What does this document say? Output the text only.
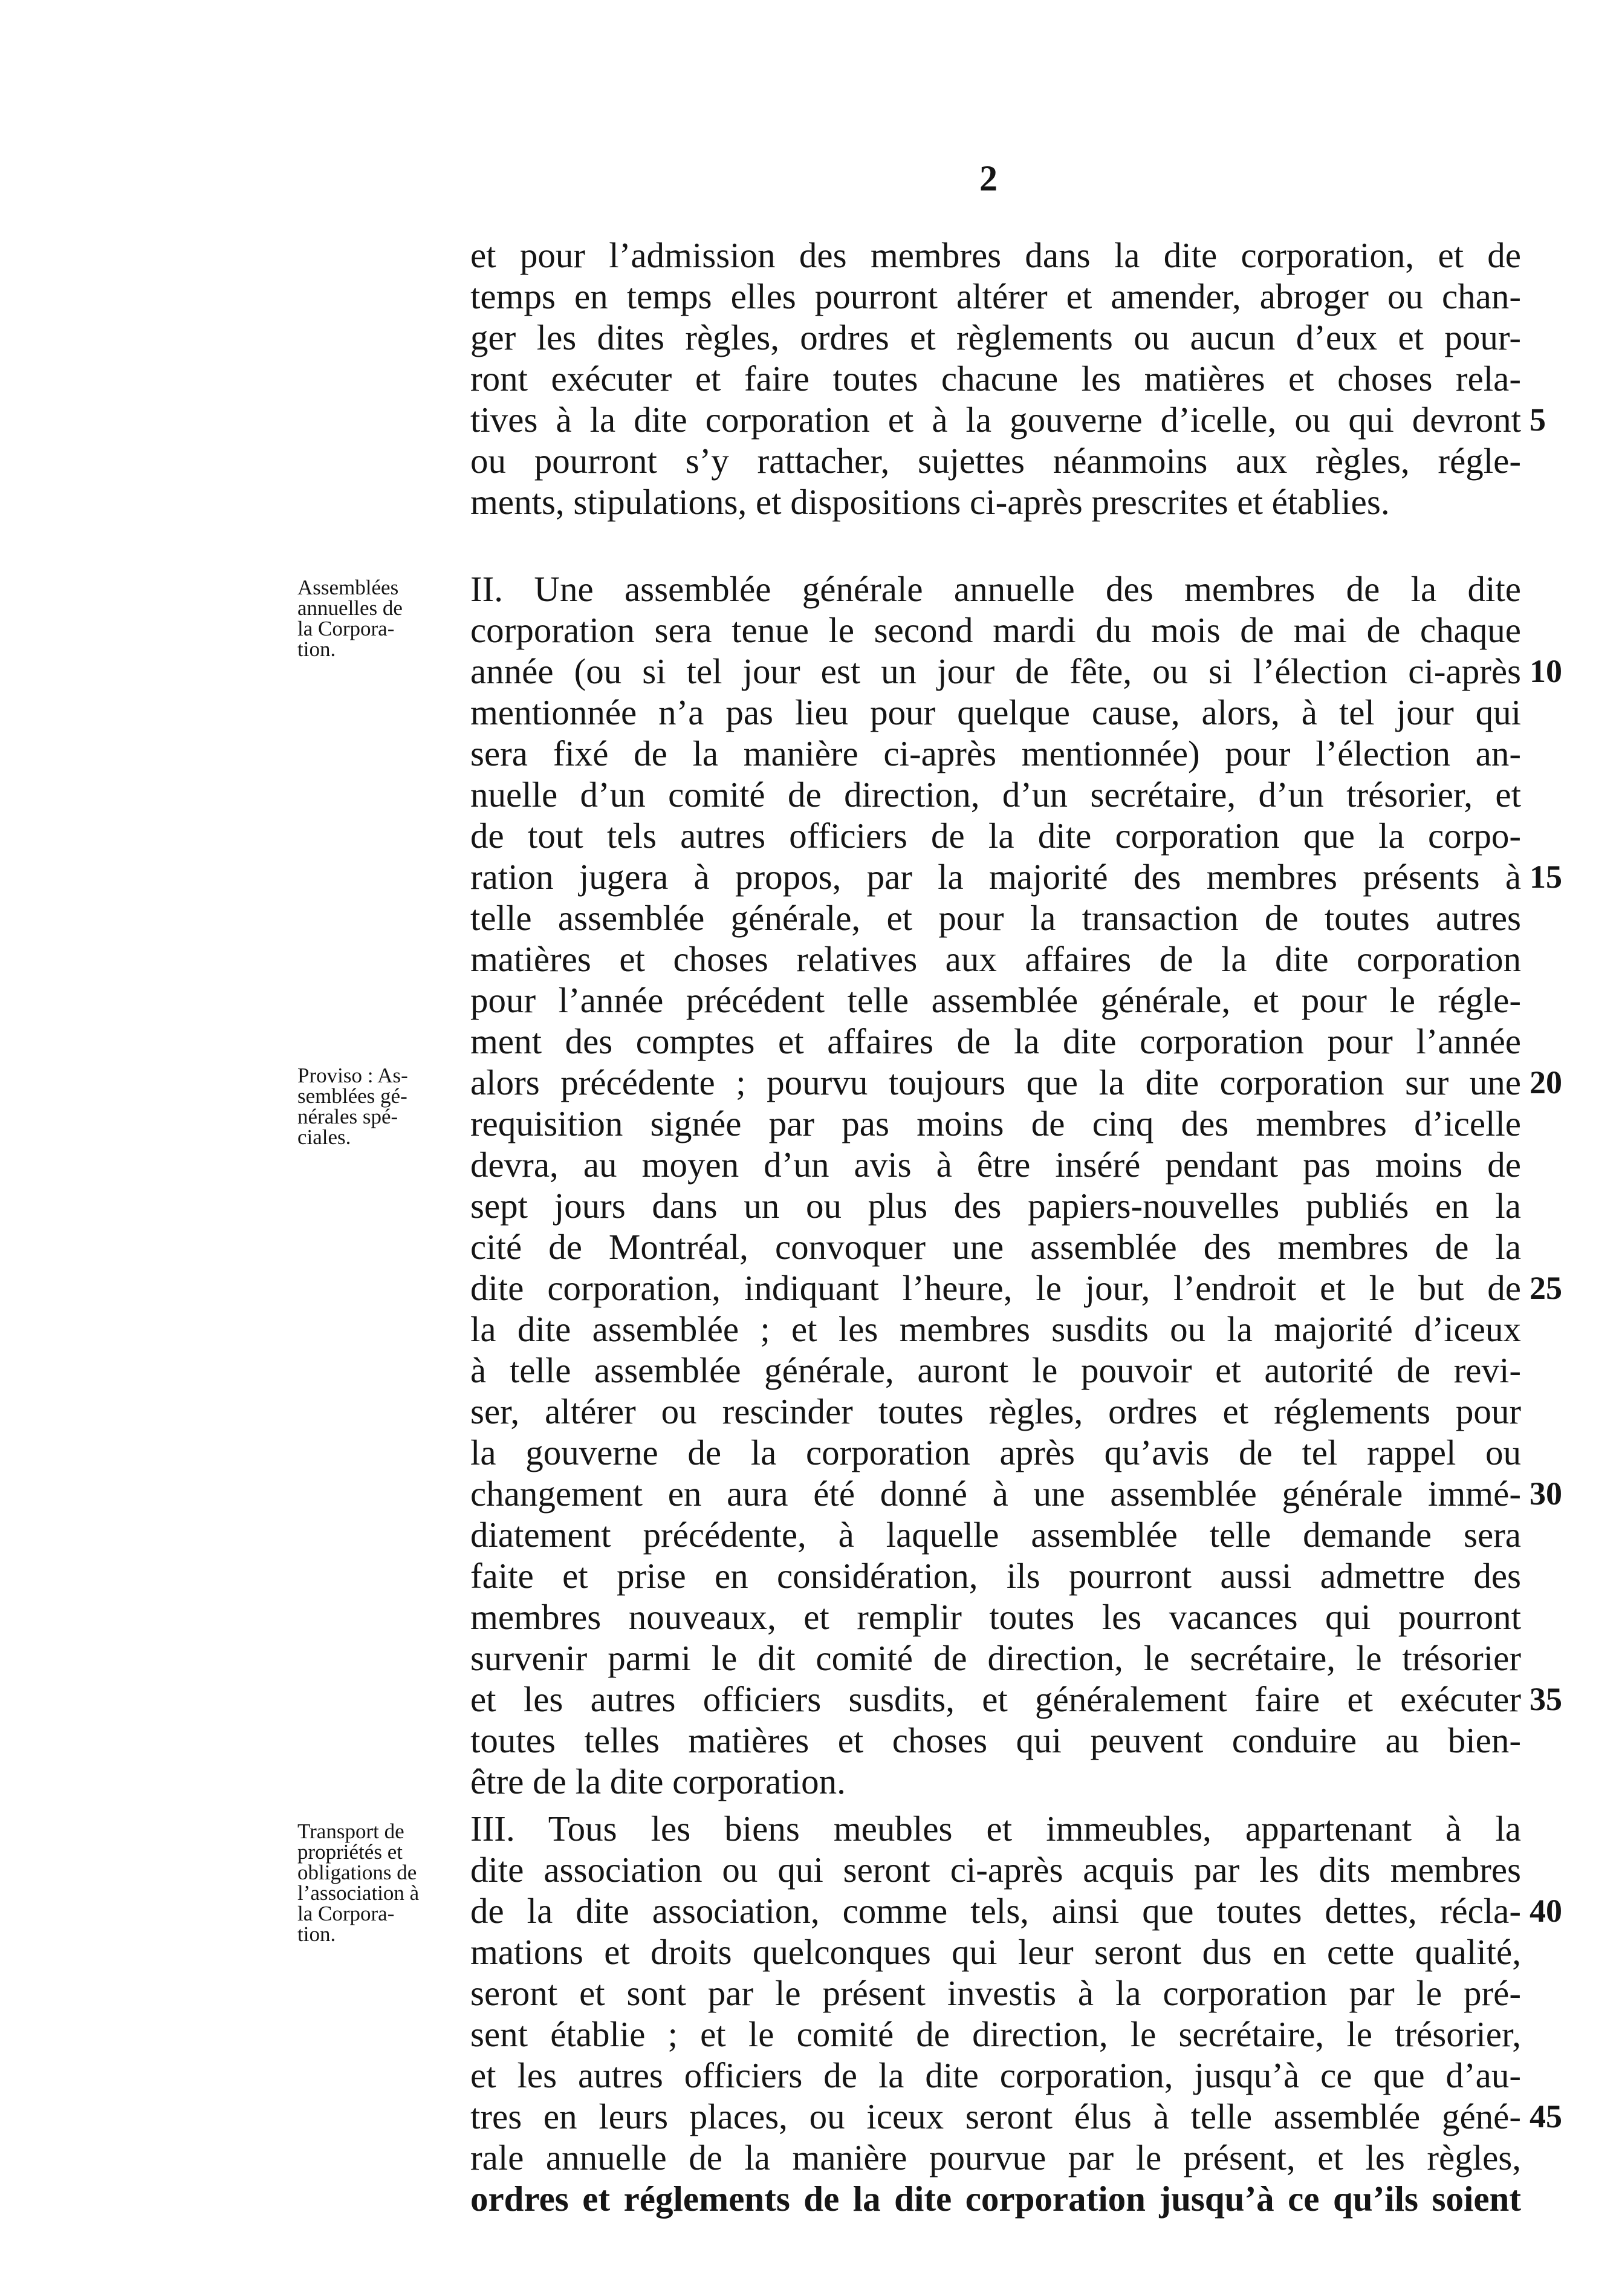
2
et pour l’admission des membres dans la dite corporation, et de
temps en temps elles pourront altérer et amender, abroger ou chan-
ger les dites règles, ordres et règlements ou aucun d’eux et pour-
ront exécuter et faire toutes chacune les matières et choses rela-
tives à la dite corporation et à la gouverne d’icelle, ou qui devront 5
ou pourront s’y rattacher, sujettes néanmoins aux règles, régle-
ments, stipulations, et dispositions ci-après prescrites et établies.
Assemblées
annuelles de
la Corpora-
tion.
II. Une assemblée générale annuelle des membres de la dite
corporation sera tenue le second mardi du mois de mai de chaque
année (ou si tel jour est un jour de fête, ou si l’élection ci-après 10
mentionnée n’a pas lieu pour quelque cause, alors, à tel jour qui
sera fixé de la manière ci-après mentionnée) pour l’élection an-
nuelle d’un comité de direction, d’un secrétaire, d’un trésorier, et
de tout tels autres officiers de la dite corporation que la corpo-
ration jugera à propos, par la majorité des membres présents à 15
telle assemblée générale, et pour la transaction de toutes autres
matières et choses relatives aux affaires de la dite corporation
pour l’année précédent telle assemblée générale, et pour le régle-
ment des comptes et affaires de la dite corporation pour l’année
alors précédente ; pourvu toujours que la dite corporation sur une 20
requisition signée par pas moins de cinq des membres d’icelle
devra, au moyen d’un avis à être inséré pendant pas moins de
sept jours dans un ou plus des papiers-nouvelles publiés en la
cité de Montréal, convoquer une assemblée des membres de la
dite corporation, indiquant l’heure, le jour, l’endroit et le but de 25
la dite assemblée ; et les membres susdits ou la majorité d’iceux
à telle assemblée générale, auront le pouvoir et autorité de revi-
ser, altérer ou rescinder toutes règles, ordres et réglements pour
la gouverne de la corporation après qu’avis de tel rappel ou
changement en aura été donné à une assemblée générale immé- 30
diatement précédente, à laquelle assemblée telle demande sera
faite et prise en considération, ils pourront aussi admettre des
membres nouveaux, et remplir toutes les vacances qui pourront
survenir parmi le dit comité de direction, le secrétaire, le trésorier
et les autres officiers susdits, et généralement faire et exécuter 35
toutes telles matières et choses qui peuvent conduire au bien-
être de la dite corporation.
Proviso : As-
semblées gé-
nérales spé-
ciales.
III. Tous les biens meubles et immeubles, appartenant à la
dite association ou qui seront ci-après acquis par les dits membres
de la dite association, comme tels, ainsi que toutes dettes, récla- 40
mations et droits quelconques qui leur seront dus en cette qualité,
seront et sont par le présent investis à la corporation par le pré-
sent établie ; et le comité de direction, le secrétaire, le trésorier,
et les autres officiers de la dite corporation, jusqu’à ce que d’au-
tres en leurs places, ou iceux seront élus à telle assemblée géné- 45
rale annuelle de la manière pourvue par le présent, et les règles,
ordres et réglements de la dite corporation jusqu’à ce qu’ils soient
Transport de
propriétés et
obligations de
l’association à
la Corpora-
tion.
